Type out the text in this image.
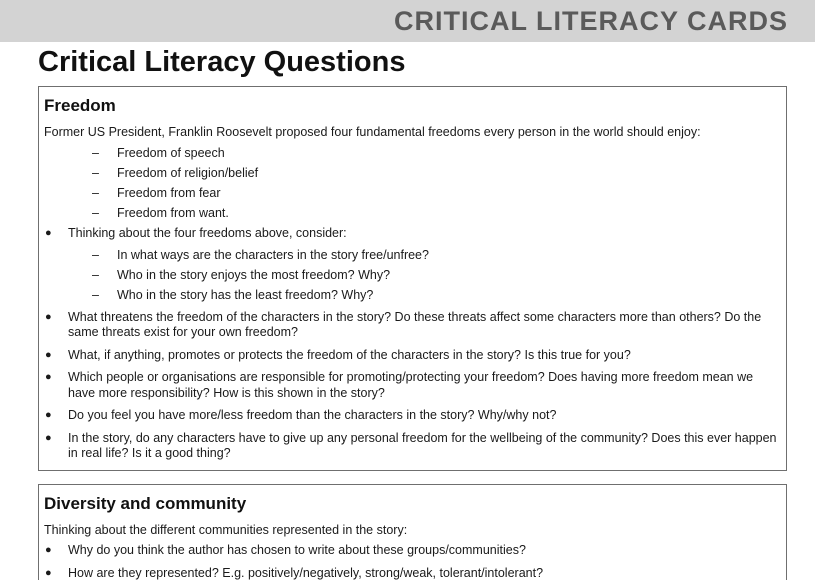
CRITICAL LITERACY CARDS
Critical Literacy Questions
Freedom

Former US President, Franklin Roosevelt proposed four fundamental freedoms every person in the world should enjoy:

– Freedom of speech
– Freedom of religion/belief
– Freedom from fear
– Freedom from want.
● Thinking about the four freedoms above, consider:
– In what ways are the characters in the story free/unfree?
– Who in the story enjoys the most freedom? Why?
– Who in the story has the least freedom? Why?
● What threatens the freedom of the characters in the story? Do these threats affect some characters more than others? Do the same threats exist for your own freedom?
● What, if anything, promotes or protects the freedom of the characters in the story? Is this true for you?
● Which people or organisations are responsible for promoting/protecting your freedom? Does having more freedom mean we have more responsibility? How is this shown in the story?
● Do you feel you have more/less freedom than the characters in the story? Why/why not?
● In the story, do any characters have to give up any personal freedom for the wellbeing of the community? Does this ever happen in real life? Is it a good thing?
Diversity and community

Thinking about the different communities represented in the story:

● Why do you think the author has chosen to write about these groups/communities?
● How are they represented? E.g. positively/negatively, strong/weak, tolerant/intolerant?
